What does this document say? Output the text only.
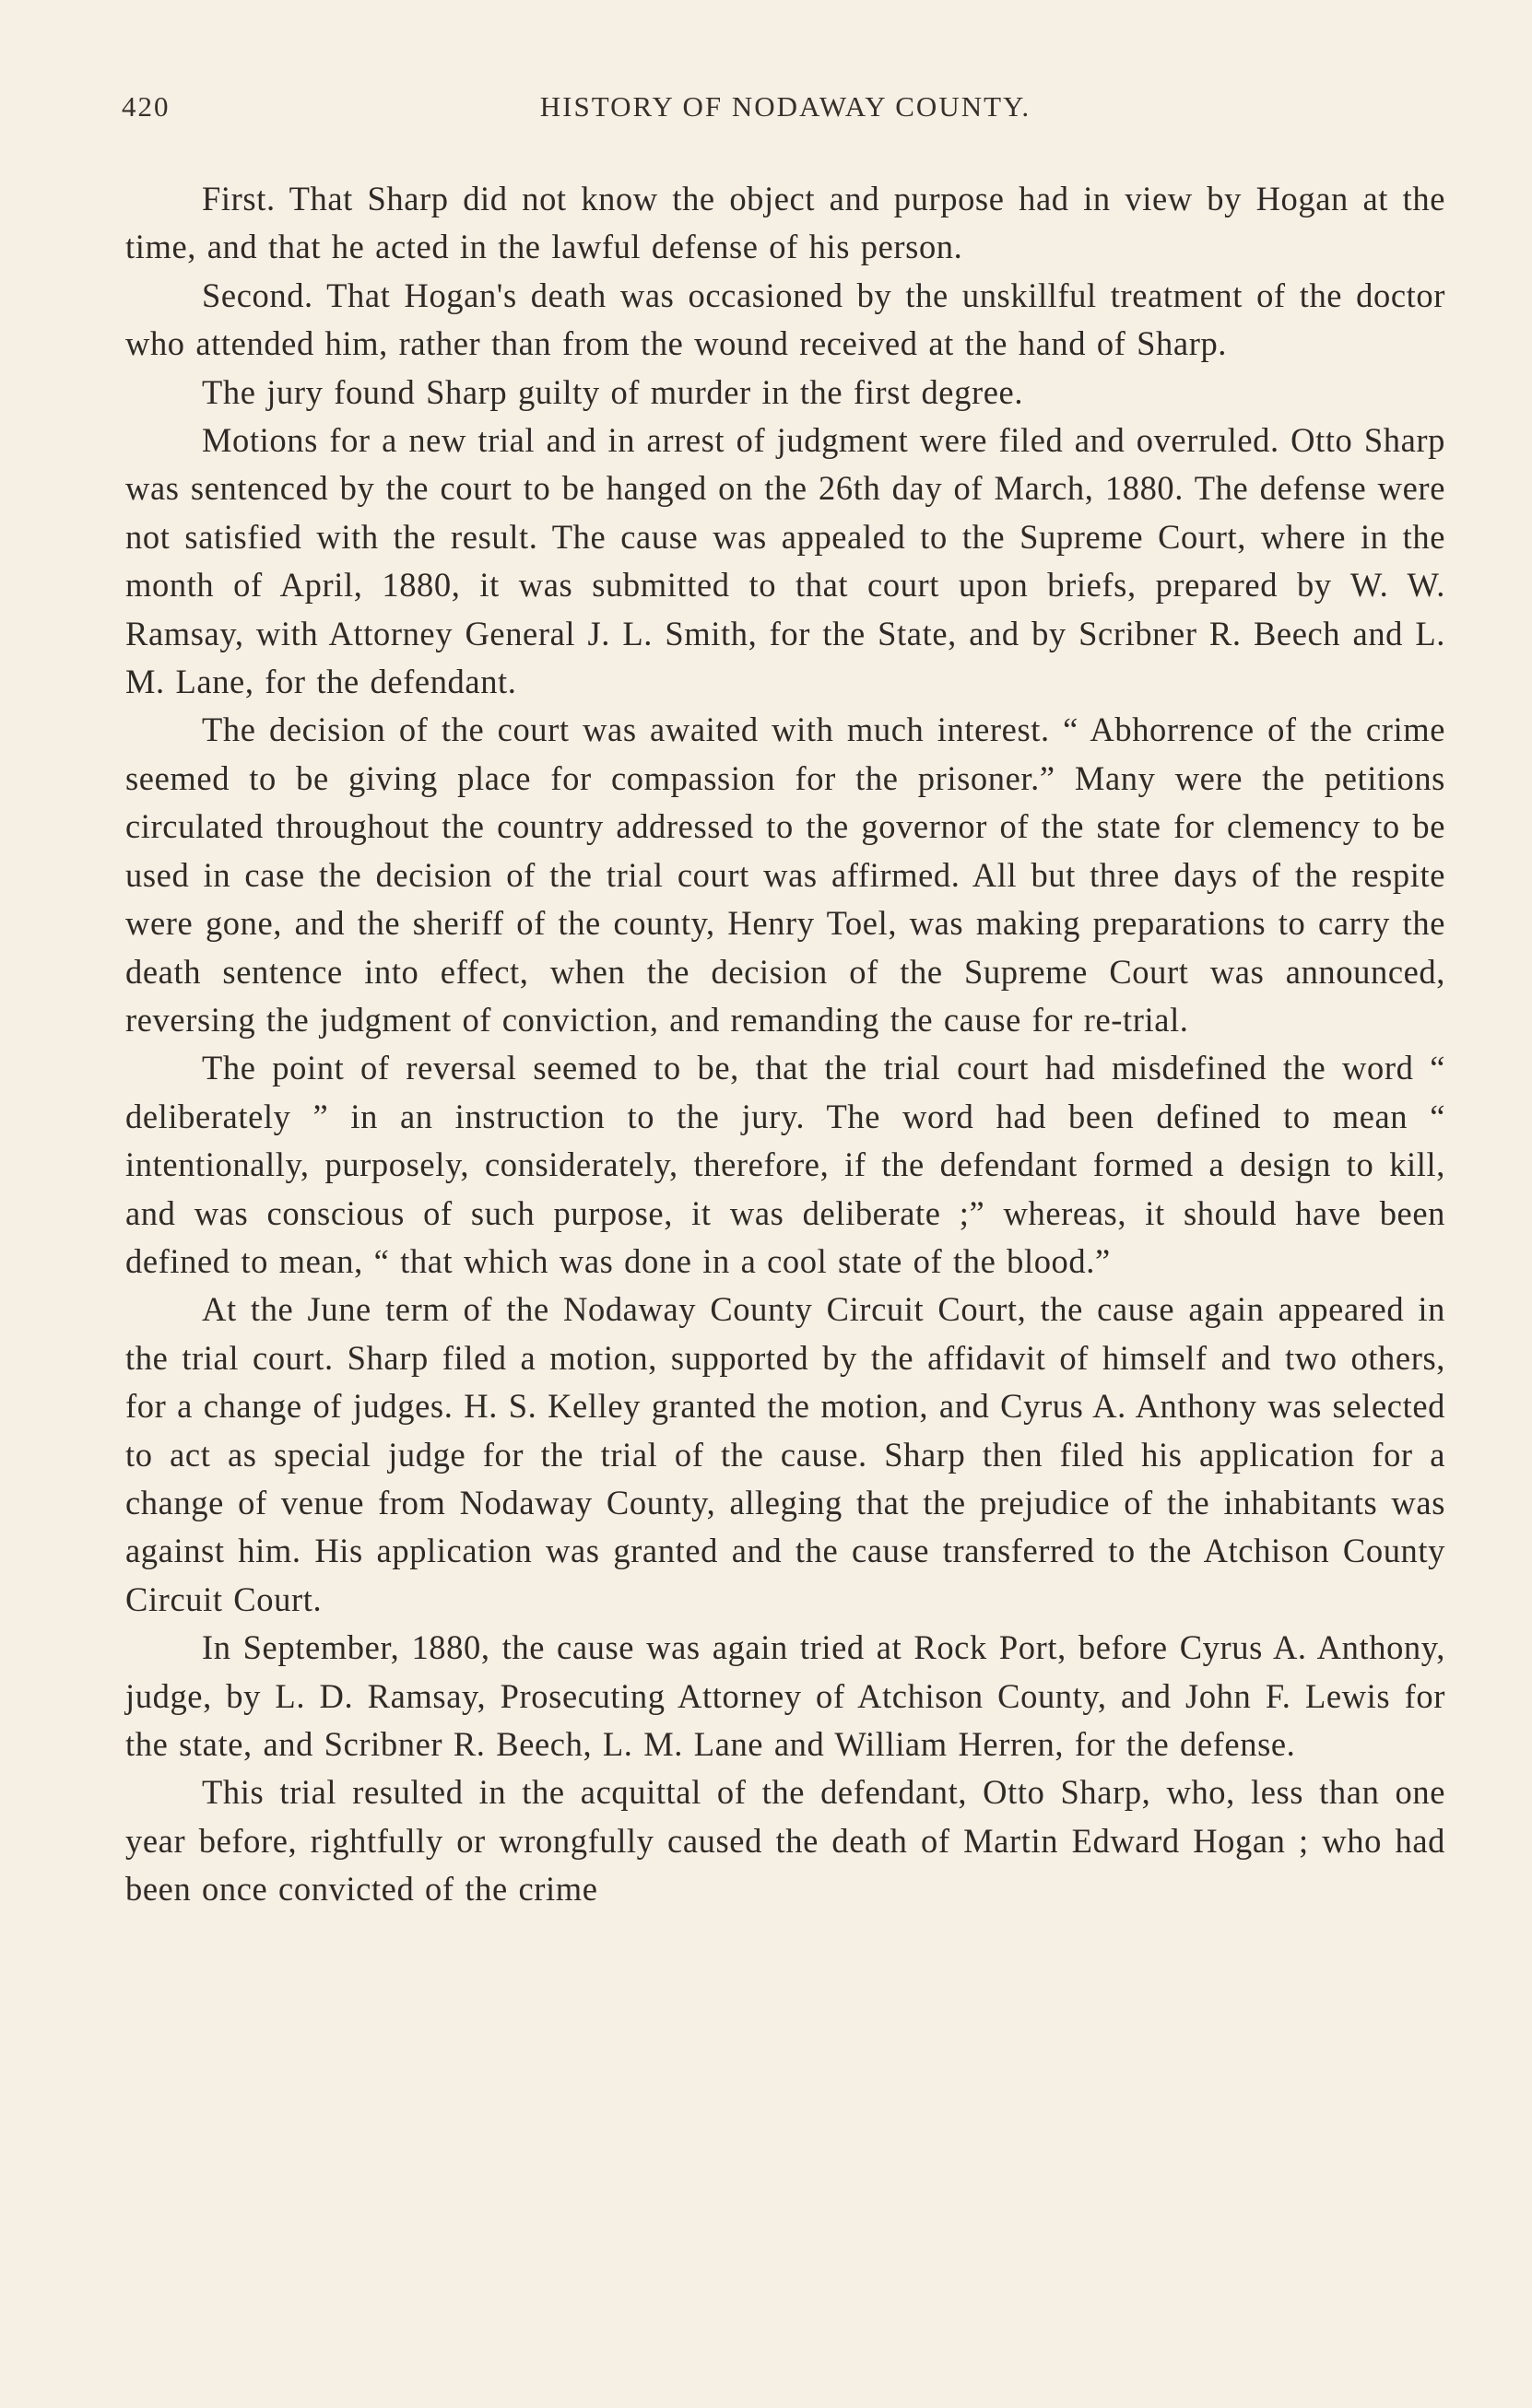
420	HISTORY OF NODAWAY COUNTY.

First. That Sharp did not know the object and purpose had in view by Hogan at the time, and that he acted in the lawful defense of his person.

Second. That Hogan's death was occasioned by the unskillful treatment of the doctor who attended him, rather than from the wound received at the hand of Sharp.

The jury found Sharp guilty of murder in the first degree.

Motions for a new trial and in arrest of judgment were filed and overruled. Otto Sharp was sentenced by the court to be hanged on the 26th day of March, 1880. The defense were not satisfied with the result. The cause was appealed to the Supreme Court, where in the month of April, 1880, it was submitted to that court upon briefs, prepared by W. W. Ramsay, with Attorney General J. L. Smith, for the State, and by Scribner R. Beech and L. M. Lane, for the defendant.

The decision of the court was awaited with much interest. “ Abhorrence of the crime seemed to be giving place for compassion for the prisoner.” Many were the petitions circulated throughout the country addressed to the governor of the state for clemency to be used in case the decision of the trial court was affirmed. All but three days of the respite were gone, and the sheriff of the county, Henry Toel, was making preparations to carry the death sentence into effect, when the decision of the Supreme Court was announced, reversing the judgment of conviction, and remanding the cause for re-trial.

The point of reversal seemed to be, that the trial court had misdefined the word “ deliberately ” in an instruction to the jury. The word had been defined to mean “ intentionally, purposely, considerately, therefore, if the defendant formed a design to kill, and was conscious of such purpose, it was deliberate ;” whereas, it should have been defined to mean, “ that which was done in a cool state of the blood.”

At the June term of the Nodaway County Circuit Court, the cause again appeared in the trial court. Sharp filed a motion, supported by the affidavit of himself and two others, for a change of judges. H. S. Kelley granted the motion, and Cyrus A. Anthony was selected to act as special judge for the trial of the cause. Sharp then filed his application for a change of venue from Nodaway County, alleging that the prejudice of the inhabitants was against him. His application was granted and the cause transferred to the Atchison County Circuit Court.

In September, 1880, the cause was again tried at Rock Port, before Cyrus A. Anthony, judge, by L. D. Ramsay, Prosecuting Attorney of Atchison County, and John F. Lewis for the state, and Scribner R. Beech, L. M. Lane and William Herren, for the defense.

This trial resulted in the acquittal of the defendant, Otto Sharp, who, less than one year before, rightfully or wrongfully caused the death of Martin Edward Hogan ; who had been once convicted of the crime
